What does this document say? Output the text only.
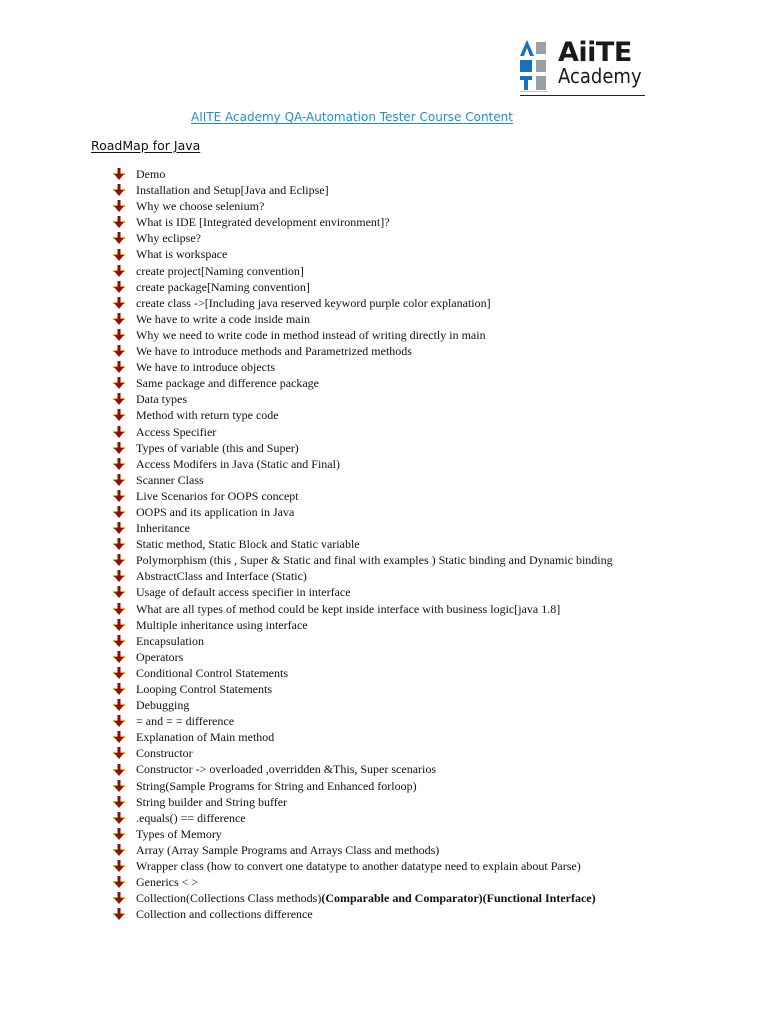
AiiTE
Academy
AIITE Academy QA-Automation Tester Course Content
RoadMap for Java
Demo
Installation and Setup[Java and Eclipse]
Why we choose selenium?
What is IDE [Integrated development environment]?
Why eclipse?
What is workspace
create project[Naming convention]
create package[Naming convention]
create class ->[Including java reserved keyword purple color explanation]
We have to write a code inside main
Why we need to write code in method instead of writing directly in main
We have to introduce methods and Parametrized methods
We have to introduce objects
Same package and difference package
Data types
Method with return type code
Access Specifier
Types of variable (this and Super)
Access Modifers in Java (Static and Final)
Scanner Class
Live Scenarios for OOPS concept
OOPS and its application in Java
Inheritance
Static method, Static Block and Static variable
Polymorphism (this , Super & Static and final with examples ) Static binding and Dynamic binding
AbstractClass and Interface (Static)
Usage of default access specifier in interface
What are all types of method could be kept inside interface with business logic[java 1.8]
Multiple inheritance using interface
Encapsulation
Operators
Conditional Control Statements
Looping Control Statements
Debugging
= and = = difference
Explanation of Main method
Constructor
Constructor -> overloaded ,overridden &This, Super scenarios
String(Sample Programs for String and Enhanced forloop)
String builder and String buffer
.equals() == difference
Types of Memory
Array (Array Sample Programs and Arrays Class and methods)
Wrapper class (how to convert one datatype to another datatype need to explain about Parse)
Generics < >
Collection(Collections Class methods) (Comparable and Comparator)(Functional Interface)
Collection and collections difference
